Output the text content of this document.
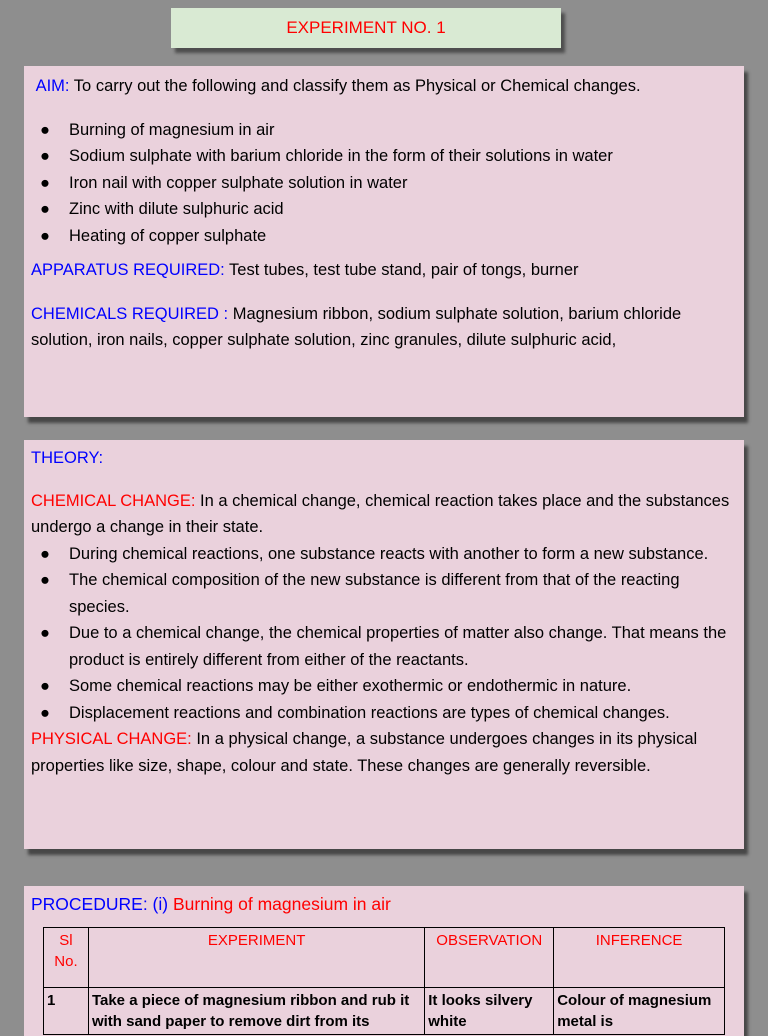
EXPERIMENT NO. 1

AIM: To carry out the following and classify them as Physical or Chemical changes.

● Burning of magnesium in air
● Sodium sulphate with barium chloride in the form of their solutions in water
● Iron nail with copper sulphate solution in water
● Zinc with dilute sulphuric acid
● Heating of copper sulphate

APPARATUS REQUIRED: Test tubes, test tube stand, pair of tongs, burner

CHEMICALS REQUIRED : Magnesium ribbon, sodium sulphate solution, barium chloride solution, iron nails, copper sulphate solution, zinc granules, dilute sulphuric acid,

THEORY:

CHEMICAL CHANGE: In a chemical change, chemical reaction takes place and the substances undergo a change in their state.

● During chemical reactions, one substance reacts with another to form a new substance.
● The chemical composition of the new substance is different from that of the reacting species.
● Due to a chemical change, the chemical properties of matter also change. That means the product is entirely different from either of the reactants.
● Some chemical reactions may be either exothermic or endothermic in nature.
● Displacement reactions and combination reactions are types of chemical changes.

PHYSICAL CHANGE: In a physical change, a substance undergoes changes in its physical properties like size, shape, colour and state. These changes are generally reversible.

PROCEDURE: (i) Burning of magnesium in air

Sl No.	EXPERIMENT	OBSERVATION	INFERENCE
1	Take a piece of magnesium ribbon and rub it with sand paper to remove dirt from its	It looks silvery white	Colour of magnesium metal is
